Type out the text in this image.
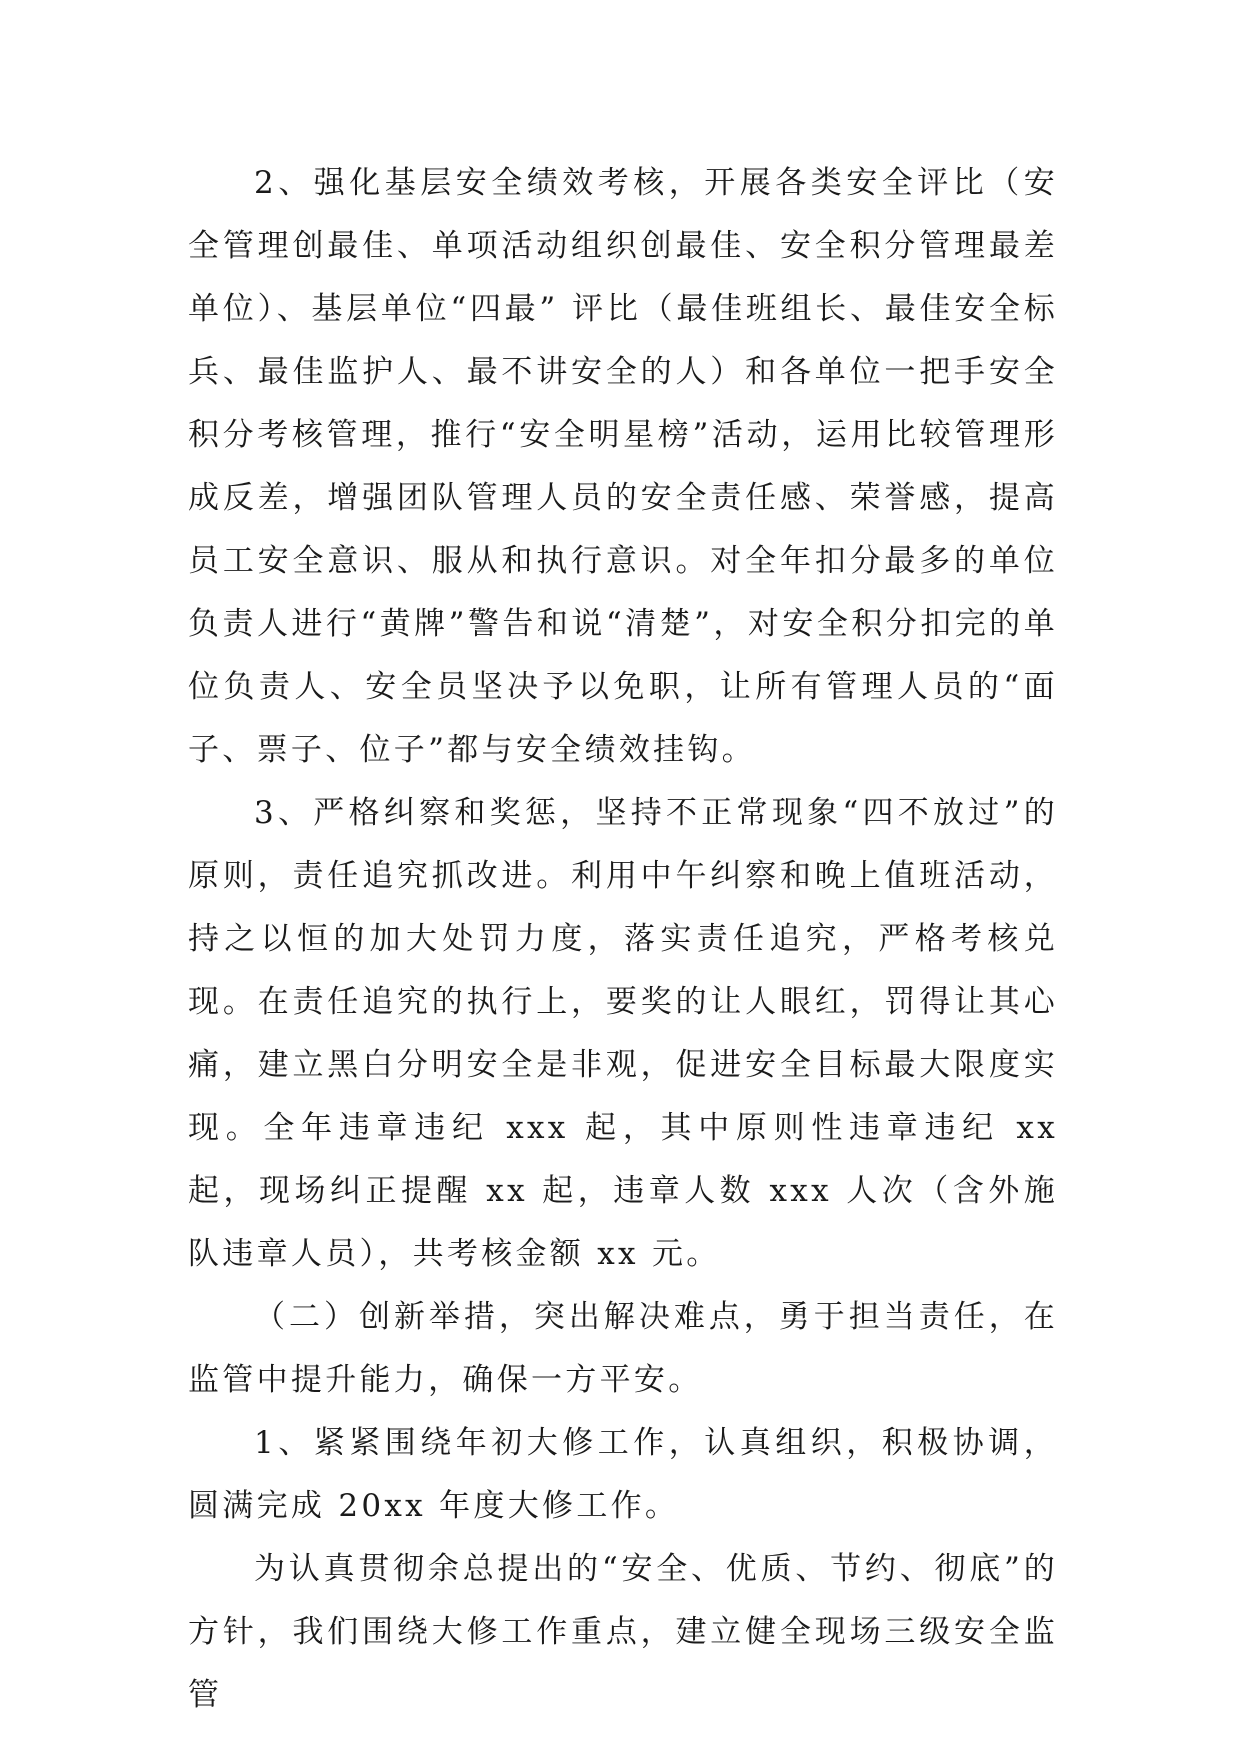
2、强化基层安全绩效考核，开展各类安全评比（安全管理创最佳、单项活动组织创最佳、安全积分管理最差单位）、基层单位“四最” 评比（最佳班组长、最佳安全标兵、最佳监护人、最不讲安全的人）和各单位一把手安全积分考核管理，推行“安全明星榜”活动，运用比较管理形成反差，增强团队管理人员的安全责任感、荣誉感，提高员工安全意识、服从和执行意识。对全年扣分最多的单位负责人进行“黄牌”警告和说“清楚”，对安全积分扣完的单位负责人、安全员坚决予以免职，让所有管理人员的“面子、票子、位子”都与安全绩效挂钩。

3、严格纠察和奖惩，坚持不正常现象“四不放过”的原则，责任追究抓改进。利用中午纠察和晚上值班活动，持之以恒的加大处罚力度，落实责任追究，严格考核兑现。在责任追究的执行上，要奖的让人眼红，罚得让其心痛，建立黑白分明安全是非观，促进安全目标最大限度实现。全年违章违纪 xxx 起，其中原则性违章违纪 xx 起，现场纠正提醒 xx 起，违章人数 xxx 人次（含外施队违章人员），共考核金额 xx 元。

（二）创新举措，突出解决难点，勇于担当责任，在监管中提升能力，确保一方平安。

1、紧紧围绕年初大修工作，认真组织，积极协调，圆满完成 20xx 年度大修工作。

为认真贯彻余总提出的“安全、优质、节约、彻底”的方针，我们围绕大修工作重点，建立健全现场三级安全监管
